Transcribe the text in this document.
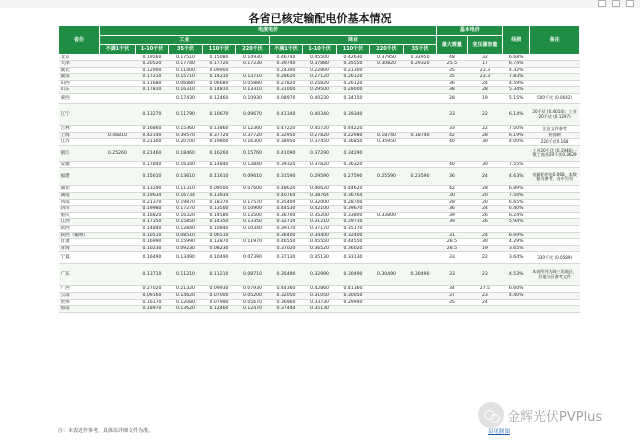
各省已核定输配电价基本情况
省份	电度电价										基本电价		线损	备注
	工业					商业					最大需量	变压器容量		
	不满1千伏	1-10千伏	35千伏	110千伏	220千伏	不满1千伏	1-10千伏	110千伏	220千伏	35千伏				
北京		0.19560	0.17510	0.15080	0.14930	0.46740	0.45500	0.42630	0.37950	0.33950	48	32	6.68%	
天津		0.20520	0.17740	0.17720	0.17230	0.39740	0.37880	0.35550	0.30820	0.29320	25.5	17	6.74%	
冀北		0.12900	0.11400	0.09900		0.24300	0.22800	0.21300			35	23.3	4.32%	
冀南		0.17210	0.15710	0.14210	0.13710	0.28620	0.27120	0.26120			35	23.3	7.83%	
山西		0.11680	0.06880	0.06680	0.05880	0.27820	0.25820	0.26120			36	24	4.59%	
山东		0.17810	0.16310	0.14810	0.13310	0.31000	0.29500	0.28000			38	28	5.34%	
蒙西			0.17430	0.12460	0.10930	0.08970	0.40230	0.34150			28	19	5.15%	500千伏 (0.0642)
辽宁		0.13270	0.11790	0.10670	0.09670	0.41340	0.40340	0.39340			33	22	6.14%	20千伏 (0.4014)；工业20千伏 (0.1297)
吉林		0.16860	0.15360	0.13860	0.12360	0.47220	0.45720	0.44220			33	22	7.50%	注意文件参考
上海	0.46810	0.42140	0.39570	0.37720	0.37720	0.32950	0.27820	0.22980	0.18740	0.18740	42	28	6.19%	两部制
江苏		0.21300	0.20700	0.19800	0.16300	0.38950	0.37450	0.36850	0.35950		40	30	4.00%	220千伏0.168
浙江	0.25260	0.21460	0.18460	0.16260	0.15760	0.41090	0.37290	0.34290						工业20千伏 (0.1946)一般工商业20千伏0.3629
安徽		0.17840	0.16340	0.14840	0.13840	0.39320	0.37820	0.36320			40	30	7.55%	
福建		0.15610	0.13610	0.11610	0.09610	0.31590	0.29590	0.27590	0.25590	0.23590	36	24	4.63%	电解铝用电0.068，本数据为参考，各市另列
湖北		0.13290	0.11310	0.09500	0.07600	0.48620	0.46620	0.44620			42	28	6.89%	
湖南		0.19634	0.16734	0.13934		0.40764	0.38764	0.36764			30	20	7.50%	
河南		0.21370	0.19870	0.18370	0.17570	0.35400	0.32000	0.28700			28	20	6.65%	
四川		0.19980	0.17270	0.13500	0.10900	0.44530	0.42100	0.39670			36	24	6.40%	
重庆		0.16820	0.16320	0.14580	0.13500	0.36700	0.35200	0.33800	0.33800		39	26	6.24%	
江西		0.17350	0.15850	0.14350	0.13350	0.32710	0.31210	0.29710			39	26	5.94%	
陕西		0.14840	0.12840	0.10840	0.10340	0.39170	0.37170	0.35170						
陕西（榆林）		0.10510	0.08510	0.06510		0.36400	0.34400	0.32400			31	24	6.69%	
甘肃		0.16990	0.15990	0.12870	0.11970	0.46550	0.45550	0.44550			28.5	30	4.29%	
青海		0.10230	0.09230	0.08230		0.37020	0.36520	0.36020			28.5	19	3.65%	
宁夏		0.16490	0.13490	0.10490	0.07390	0.37130	0.35130	0.33130			33	22	3.64%	330千伏 (0.0589)
广东		0.13710	0.11210	0.11210	0.08710	0.35490	0.32990	0.30490	0.30490	0.30490	33	23	4.53%	本表所列为珠三角地区，其他分区参考文件
广西		0.27020	0.21320	0.09930	0.07930	0.44360	0.42860	0.41360			34	27.5	6.60%	
云南		0.09160	0.14620	0.07000	0.05200	0.32050	0.31050	0.30050			37	23	4.40%	
贵州		0.16170	0.12080	0.07990	0.05670	0.36960	0.33730	0.29940			35	24		
海南		0.18970	0.13620	0.12460	0.12470	0.37440	0.35130							
注：本表近作参考，具体以详细文件为准。
金辉光伏PVPlus
县见制图
